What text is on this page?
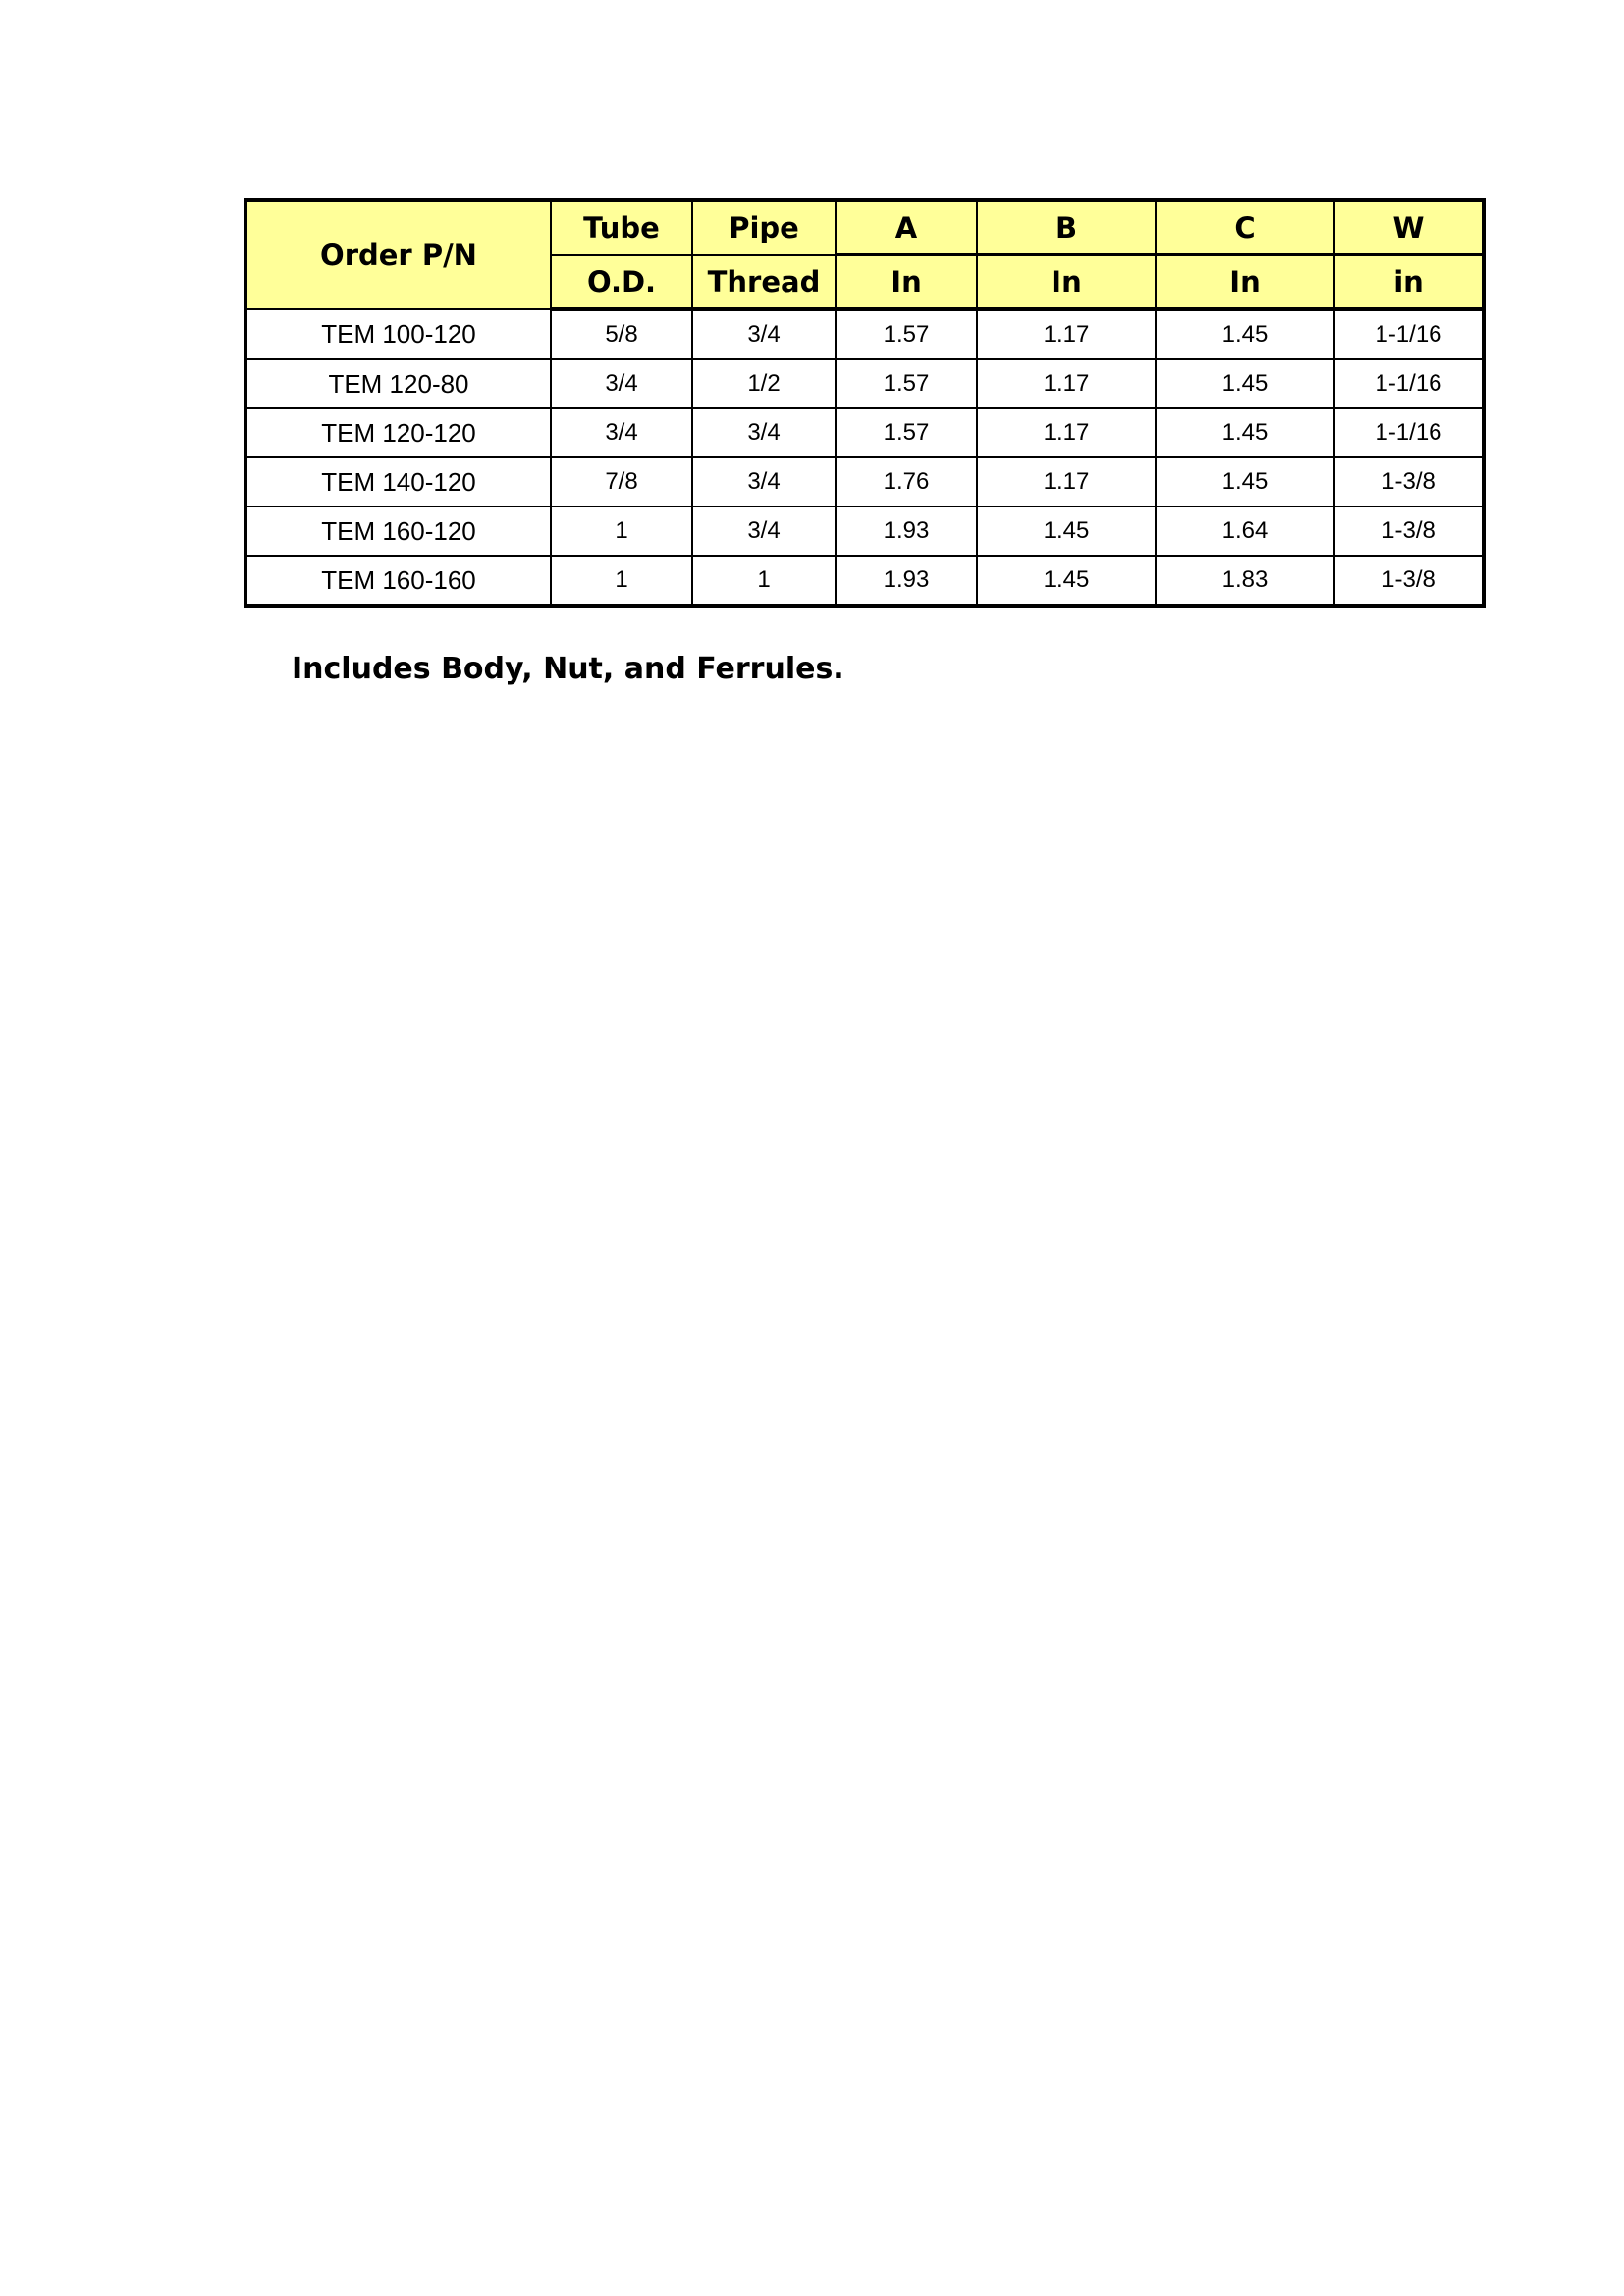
Order P/N	Tube	Pipe	A	B	C	W
	O.D.	Thread	In	In	In	in
TEM 100-120	5/8	3/4	1.57	1.17	1.45	1-1/16
TEM 120-80	3/4	1/2	1.57	1.17	1.45	1-1/16
TEM 120-120	3/4	3/4	1.57	1.17	1.45	1-1/16
TEM 140-120	7/8	3/4	1.76	1.17	1.45	1-3/8
TEM 160-120	1	3/4	1.93	1.45	1.64	1-3/8
TEM 160-160	1	1	1.93	1.45	1.83	1-3/8
Includes Body, Nut, and Ferrules.
